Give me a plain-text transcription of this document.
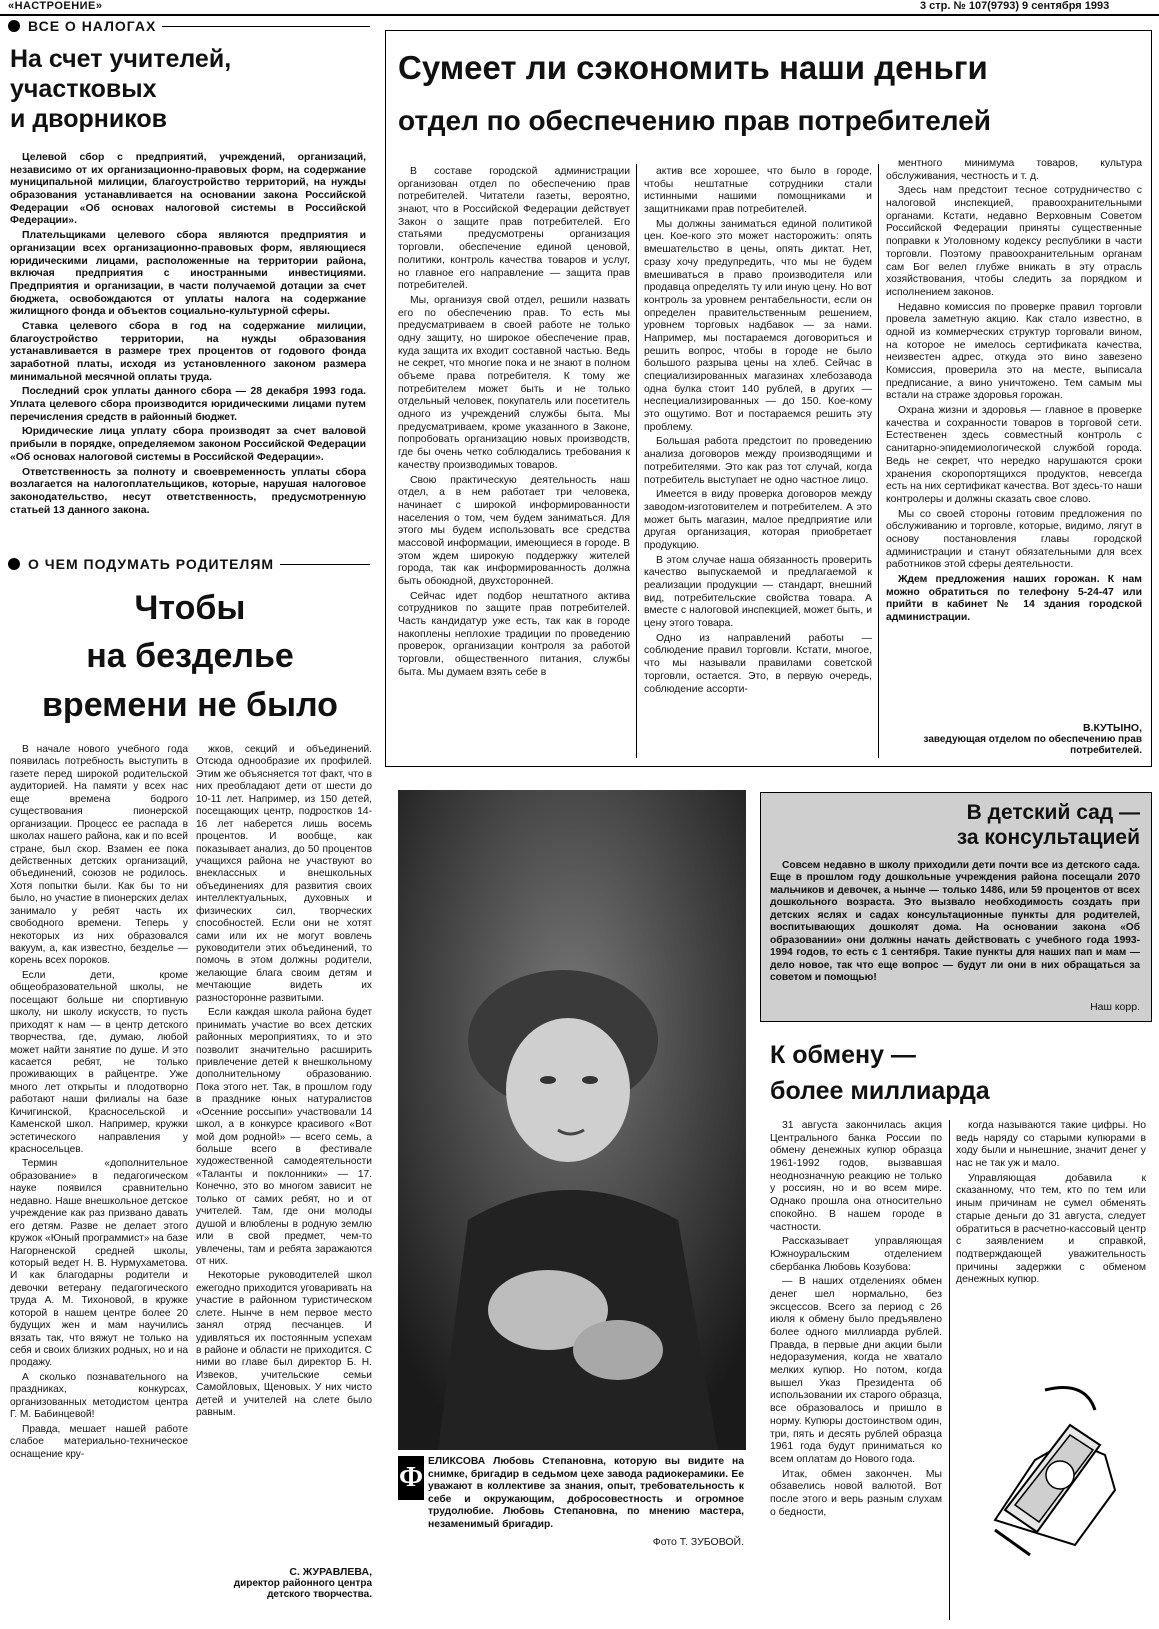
«НАСТРОЕНИЕ»	3 стр. № 107(9793) 9 сентября 1993
ВСЕ О НАЛОГАХ
На счет учителей,
участковых
и дворников

Целевой сбор с предприятий, учреждений, организаций, независимо от их организационно-правовых форм, на содержание муниципальной милиции, благоустройство территорий, на нужды образования устанавливается на основании закона Российской Федерации «Об основах налоговой системы в Российской Федерации».

Плательщиками целевого сбора являются предприятия и организации всех организационно-правовых форм, являющиеся юридическими лицами, расположенные на территории района, включая предприятия с иностранными инвестициями. Предприятия и организации, в части получаемой дотации за счет бюджета, освобождаются от уплаты налога на содержание жилищного фонда и объектов социально-культурной сферы.

Ставка целевого сбора в год на содержание милиции, благоустройство территории, на нужды образования устанавливается в размере трех процентов от годового фонда заработной платы, исходя из установленного законом размера минимальной месячной оплаты труда.

Последний срок уплаты данного сбора — 28 декабря 1993 года. Уплата целевого сбора производится юридическими лицами путем перечисления средств в районный бюджет.

Юридические лица уплату сбора производят за счет валовой прибыли в порядке, определяемом законом Российской Федерации «Об основах налоговой системы в Российской Федерации».

Ответственность за полноту и своевременность уплаты сбора возлагается на налогоплательщиков, которые, нарушая налоговое законодательство, несут ответственность, предусмотренную статьей 13 данного закона.

Сумеет ли сэкономить наши деньги
отдел по обеспечению прав потребителей

В составе городской администрации организован отдел по обеспечению прав потребителей. Читатели газеты, вероятно, знают, что в Российской Федерации действует Закон о защите прав потребителей. Его статьями предусмотрены организация торговли, обеспечение единой ценовой, политики, контроль качества товаров и услуг, но главное его направление — защита прав потребителей.

Мы, организуя свой отдел, решили назвать его по обеспечению прав. То есть мы предусматриваем в своей работе не только одну защиту, но широкое обеспечение прав, куда защита их входит составной частью. Ведь не секрет, что многие пока и не знают в полном объеме права потребителя. К тому же потребителем может быть и не только отдельный человек, покупатель или посетитель одного из учреждений службы быта. Мы предусматриваем, кроме указанного в Законе, попробовать организацию новых производств, где бы очень четко соблюдались требования к качеству производимых товаров.

Свою практическую деятельность наш отдел, а в нем работает три человека, начинает с широкой информированности населения о том, чем будем заниматься. Для этого мы будем использовать все средства массовой информации, имеющиеся в городе. В этом ждем широкую поддержку жителей города, так как информированность должна быть обоюдной, двухсторонней.

Сейчас идет подбор нештатного актива сотрудников по защите прав потребителей. Часть кандидатур уже есть, так как в городе накоплены неплохие традиции по проведению проверок, организации контроля за работой торговли, общественного питания, службы быта. Мы думаем взять себе в

актив все хорошее, что было в городе, чтобы нештатные сотрудники стали истинными нашими помощниками и защитниками прав потребителей.

Мы должны заниматься единой политикой цен. Кое-кого это может насторожить: опять вмешательство в цены, опять диктат. Нет, сразу хочу предупредить, что мы не будем вмешиваться в право производителя или продавца определять ту или иную цену. Но вот контроль за уровнем рентабельности, если он определен правительственным решением, уровнем торговых надбавок — за нами. Например, мы постараемся договориться и решить вопрос, чтобы в городе не было большого разрыва цены на хлеб. Сейчас в специализированных магазинах хлебозавода одна булка стоит 140 рублей, в других — неспециализированных — до 150. Кое-кому это ощутимо. Вот и постараемся решить эту проблему.

Большая работа предстоит по проведению анализа договоров между производящими и потребителями. Это как раз тот случай, когда потребитель выступает не одно частное лицо.

Имеется в виду проверка договоров между заводом-изготовителем и потребителем. А это может быть магазин, малое предприятие или другая организация, которая приобретает продукцию.

В этом случае наша обязанность проверить качество выпускаемой и предлагаемой к реализации продукции — стандарт, внешний вид, потребительские свойства товара. А вместе с налоговой инспекцией, может быть, и цену этого товара.

Одно из направлений работы — соблюдение правил торговли. Кстати, многое, что мы называли правилами советской торговли, остается. Это, в первую очередь, соблюдение ассорти-

ментного минимума товаров, культура обслуживания, честность и т. д.

Здесь нам предстоит тесное сотрудничество с налоговой инспекцией, правоохранительными органами. Кстати, недавно Верховным Советом Российской Федерации приняты существенные поправки к Уголовному кодексу республики в части торговли. Поэтому правоохранительным органам сам Бог велел глубже вникать в эту отрасль хозяйствования, чтобы следить за порядком и исполнением законов.

Недавно комиссия по проверке правил торговли провела заметную акцию. Как стало известно, в одной из коммерческих структур торговали вином, на которое не имелось сертификата качества, неизвестен адрес, откуда это вино завезено Комиссия, проверила это на месте, выписала предписание, а вино уничтожено. Тем самым мы встали на страже здоровья горожан.

Охрана жизни и здоровья — главное в проверке качества и сохранности товаров в торговой сети. Естественен здесь совместный контроль с санитарно-эпидемиологической службой города. Ведь не секрет, что нередко нарушаются сроки хранения скоропортящихся продуктов, невсегда есть на них сертификат качества. Вот здесь-то наши контролеры и должны сказать свое слово.

Мы со своей стороны готовим предложения по обслуживанию и торговле, которые, видимо, лягут в основу постановления главы городской администрации и станут обязательными для всех работников этой сферы деятельности.

Ждем предложения наших горожан. К нам можно обратиться по телефону 5-24-47 или прийти в кабинет № 14 здания городской администрации.

В.КУТЫНО,
заведующая отделом по обеспечению прав потребителей.
О ЧЕМ ПОДУМАТЬ РОДИТЕЛЯМ
Чтобы
на безделье
времени не было

В начале нового учебного года появилась потребность выступить в газете перед широкой родительской аудиторией. На памяти у всех нас еще времена бодрого существования пионерской организации. Процесс ее распада в школах нашего района, как и по всей стране, был скор. Взамен ее пока действенных детских организаций, объединений, союзов не родилось. Хотя попытки были. Как бы то ни было, но участие в пионерских делах занимало у ребят часть их свободного времени. Теперь у некоторых из них образовался вакуум, а, как известно, безделье — корень всех пороков.

Если дети, кроме общеобразовательной школы, не посещают больше ни спортивную школу, ни школу искусств, то пусть приходят к нам — в центр детского творчества, где, думаю, любой может найти занятие по душе. И это касается ребят, не только проживающих в райцентре. Уже много лет открыты и плодотворно работают наши филиалы на базе Кичигинской, Красносельской и Каменской школ. Например, кружки эстетического направления у красносельцев.

Термин «дополнительное образование» в педагогическом науке появился сравнительно недавно. Наше внешкольное детское учреждение как раз призвано давать его детям. Разве не делает этого кружок «Юный программист» на базе Нагорненской средней школы, который ведет Н. В. Нурмухаметова. И как благодарны родители и девочки ветерану педагогического труда А. М. Тихоновой, в кружке которой в нашем центре более 20 будущих жен и мам научились вязать так, что вяжут не только на себя и своих близких родных, но и на продажу.

А сколько познавательного на праздниках, конкурсах, организованных методистом центра Г. М. Бабинцевой!

Правда, мешает нашей работе слабое материально-техническое оснащение кру-

жков, секций и объединений. Отсюда однообразие их профилей. Этим же объясняется тот факт, что в них преобладают дети от шести до 10-11 лет. Например, из 150 детей, посещающих центр, подростков 14-16 лет наберется лишь восемь процентов. И вообще, как показывает анализ, до 50 процентов учащихся района не участвуют во внеклассных и внешкольных объединениях для развития своих интеллектуальных, духовных и физических сил, творческих способностей. Если они не хотят сами или их не могут вовлечь руководители этих объединений, то помочь в этом должны родители, желающие блага своим детям и мечтающие видеть их разносторонне развитыми.

Если каждая школа района будет принимать участие во всех детских районных мероприятиях, то и это позволит значительно расширить привлечение детей к внешкольному дополнительному образованию. Пока этого нет. Так, в прошлом году в празднике юных натуралистов «Осенние россыпи» участвовали 14 школ, а в конкурсе красивого «Вот мой дом родной!» — всего семь, а больше всего в фестивале художественной самодеятельности «Таланты и поклонники» — 17. Конечно, это во многом зависит не только от самих ребят, но и от учителей. Там, где они молоды душой и влюблены в родную землю или в свой предмет, чем-то увлечены, там и ребята заражаются от них.

Некоторые руководителей школ ежегодно приходится уговаривать на участие в районном туристическом слете. Нынче в нем первое место занял отряд песчанцев. И удивляться их постоянным успехам в районе и области не приходится. С ними во главе был директор Б. Н. Извеков, учительские семьи Самойловых, Щеновых. У них чисто детей и учителей на слете было равным.

С. ЖУРАВЛЕВА,
директор районного центра детского творчества.
Ф
ЕЛИКСОВА Любовь Степановна, которую вы видите на снимке, бригадир в седьмом цехе завода радиокерамики. Ее уважают в коллективе за знания, опыт, требовательность к себе и окружающим, добросовестность и огромное трудолюбие. Любовь Степановна, по мнению мастера, незаменимый бригадир.
Фото Т. ЗУБОВОЙ.
В детский сад —
за консультацией

Совсем недавно в школу приходили дети почти все из детского сада. Еще в прошлом году дошкольные учреждения района посещали 2070 мальчиков и девочек, а нынче — только 1486, или 59 процентов от всех дошкольного возраста. Это вызвало необходимость создать при детских яслях и садах консультационные пункты для родителей, воспитывающих дошколят дома. На основании закона «Об образовании» они должны начать действовать с учебного года 1993-1994 годов, то есть с 1 сентября. Такие пункты для наших пап и мам — дело новое, так что еще вопрос — будут ли они в них обращаться за советом и помощью!

Наш корр.
К обмену —
более миллиарда

31 августа закончилась акция Центрального банка России по обмену денежных купюр образца 1961-1992 годов, вызвавшая неоднозначную реакцию не только у россиян, но и во всем мире. Однако прошла она относительно спокойно. В нашем городе в частности.

Рассказывает управляющая Южноуральским отделением сбербанка Любовь Козубова:

— В наших отделениях обмен денег шел нормально, без эксцессов. Всего за период с 26 июля к обмену было предъявлено более одного миллиарда рублей. Правда, в первые дни акции были недоразумения, когда не хватало мелких купюр. Но потом, когда вышел Указ Президента об использовании их старого образца, все образовалось и пришло в норму. Купюры достоинством один, три, пять и десять рублей образца 1961 года будут приниматься ко всем оплатам до Нового года.

Итак, обмен закончен. Мы обзавелись новой валютой. Вот после этого и верь разным слухам о бедности,

когда называются такие цифры. Но ведь наряду со старыми купюрами в ходу были и нынешние, значит денег у нас не так уж и мало.

Управляющая добавила к сказанному, что тем, кто по тем или иным причинам не сумел обменять старые деньги до 31 августа, следует обратиться в расчетно-кассовый центр с заявлением и справкой, подтверждающей уважительность причины задержки с обменом денежных купюр.
